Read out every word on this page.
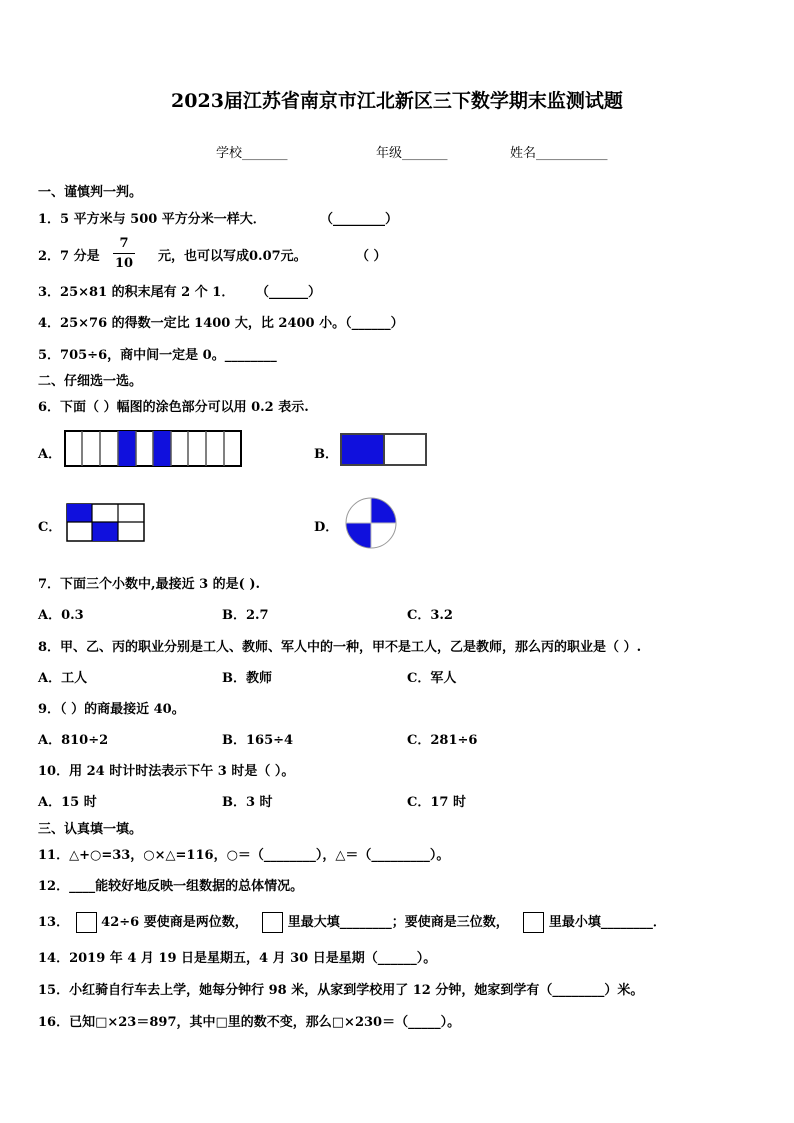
2023届江苏省南京市江北新区三下数学期末监测试题
学校_______	年级_______	姓名___________
一、谨慎判一判。
1．5 平方米与 500 平方分米一样大．	（________）
2．7 分是
7
10 元，也可以写成0.07元。	（ ）
3．25×81 的积末尾有 2 个 1． （______）
4．25×76 的得数一定比 1400 大，比 2400 小。（______）
5．705÷6，商中间一定是 0。________
二、仔细选一选。
6．下面（ ）幅图的涂色部分可以用 0.2 表示.
A．	B．
C．	D．
7．下面三个小数中,最接近 3 的是( ).
A．0.3	B．2.7	C．3.2
8．甲、乙、丙的职业分别是工人、教师、军人中的一种，甲不是工人，乙是教师，那么丙的职业是（ ）.
A．工人	B．教师	C．军人
9．（ ）的商最接近 40。
A．810÷2	B．165÷4	C．281÷6
10．用 24 时计时法表示下午 3 时是（ ）。
A．15 时	B．3 时	C．17 时
三、认真填一填。
11．△+○=33，○×△=116，○＝（________），△＝（_________）。
12．____能较好地反映一组数据的总体情况。
13． 42÷6 要使商是两位数，	里最大填________；要使商是三位数，	里最小填________．
14．2019 年 4 月 19 日是星期五，4 月 30 日是星期（______）。
15．小红骑自行车去上学，她每分钟行 98 米，从家到学校用了 12 分钟，她家到学有（________）米。
16．已知□×23＝897，其中□里的数不变，那么□×230＝（_____）。
